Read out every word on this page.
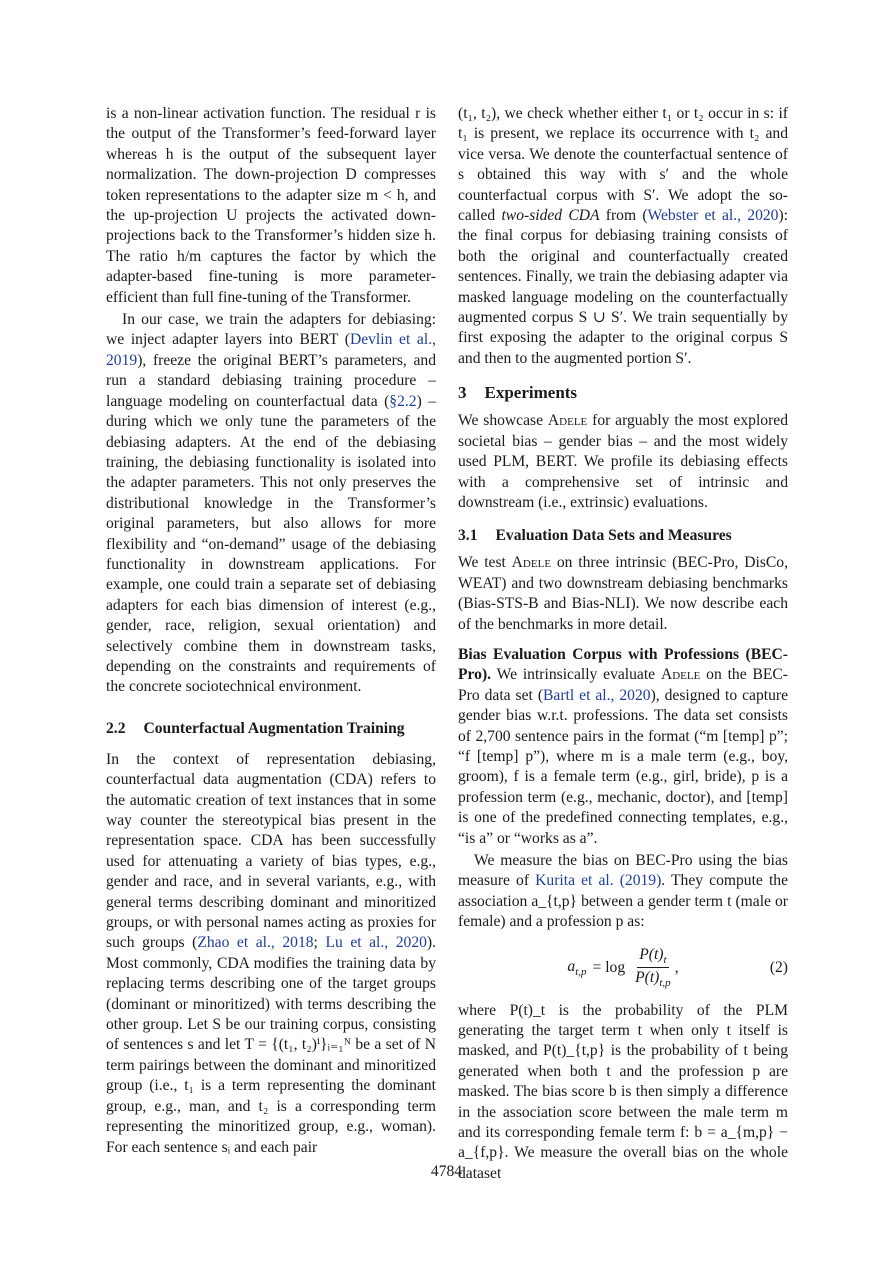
is a non-linear activation function. The residual r is the output of the Transformer’s feed-forward layer whereas h is the output of the subsequent layer normalization. The down-projection D compresses token representations to the adapter size m < h, and the up-projection U projects the activated down-projections back to the Transformer’s hidden size h. The ratio h/m captures the factor by which the adapter-based fine-tuning is more parameter-efficient than full fine-tuning of the Transformer.

In our case, we train the adapters for debiasing: we inject adapter layers into BERT (Devlin et al., 2019), freeze the original BERT’s parameters, and run a standard debiasing training procedure – language modeling on counterfactual data (§2.2) – during which we only tune the parameters of the debiasing adapters. At the end of the debiasing training, the debiasing functionality is isolated into the adapter parameters. This not only preserves the distributional knowledge in the Transformer’s original parameters, but also allows for more flexibility and “on-demand” usage of the debiasing functionality in downstream applications. For example, one could train a separate set of debiasing adapters for each bias dimension of interest (e.g., gender, race, religion, sexual orientation) and selectively combine them in downstream tasks, depending on the constraints and requirements of the concrete sociotechnical environment.

2.2 Counterfactual Augmentation Training

In the context of representation debiasing, counterfactual data augmentation (CDA) refers to the automatic creation of text instances that in some way counter the stereotypical bias present in the representation space. CDA has been successfully used for attenuating a variety of bias types, e.g., gender and race, and in several variants, e.g., with general terms describing dominant and minoritized groups, or with personal names acting as proxies for such groups (Zhao et al., 2018; Lu et al., 2020). Most commonly, CDA modifies the training data by replacing terms describing one of the target groups (dominant or minoritized) with terms describing the other group. Let S be our training corpus, consisting of sentences s and let T = {(t₁, t₂)ⁱ}ᵢ₌₁ᴺ be a set of N term pairings between the dominant and minoritized group (i.e., t₁ is a term representing the dominant group, e.g., man, and t₂ is a corresponding term representing the minoritized group, e.g., woman). For each sentence sᵢ and each pair

(t₁, t₂), we check whether either t₁ or t₂ occur in s: if t₁ is present, we replace its occurrence with t₂ and vice versa. We denote the counterfactual sentence of s obtained this way with s′ and the whole counterfactual corpus with S′. We adopt the so-called two-sided CDA from (Webster et al., 2020): the final corpus for debiasing training consists of both the original and counterfactually created sentences. Finally, we train the debiasing adapter via masked language modeling on the counterfactually augmented corpus S ∪ S′. We train sequentially by first exposing the adapter to the original corpus S and then to the augmented portion S′.

3 Experiments

We showcase Adele for arguably the most explored societal bias – gender bias – and the most widely used PLM, BERT. We profile its debiasing effects with a comprehensive set of intrinsic and downstream (i.e., extrinsic) evaluations.

3.1 Evaluation Data Sets and Measures

We test Adele on three intrinsic (BEC-Pro, DisCo, WEAT) and two downstream debiasing benchmarks (Bias-STS-B and Bias-NLI). We now describe each of the benchmarks in more detail.

Bias Evaluation Corpus with Professions (BEC-Pro). We intrinsically evaluate Adele on the BEC-Pro data set (Bartl et al., 2020), designed to capture gender bias w.r.t. professions. The data set consists of 2,700 sentence pairs in the format (“m [temp] p”; “f [temp] p”), where m is a male term (e.g., boy, groom), f is a female term (e.g., girl, bride), p is a profession term (e.g., mechanic, doctor), and [temp] is one of the predefined connecting templates, e.g., “is a” or “works as a”.

We measure the bias on BEC-Pro using the bias measure of Kurita et al. (2019). They compute the association a_{t,p} between a gender term t (male or female) and a profession p as:

$a_{t,p} = \log \frac{P(t)_t}{P(t)_{t,p}}$ ,	(2)

where P(t)_t is the probability of the PLM generating the target term t when only t itself is masked, and P(t)_{t,p} is the probability of t being generated when both t and the profession p are masked. The bias score b is then simply a difference in the association score between the male term m and its corresponding female term f: b = a_{m,p} − a_{f,p}. We measure the overall bias on the whole dataset

4784
